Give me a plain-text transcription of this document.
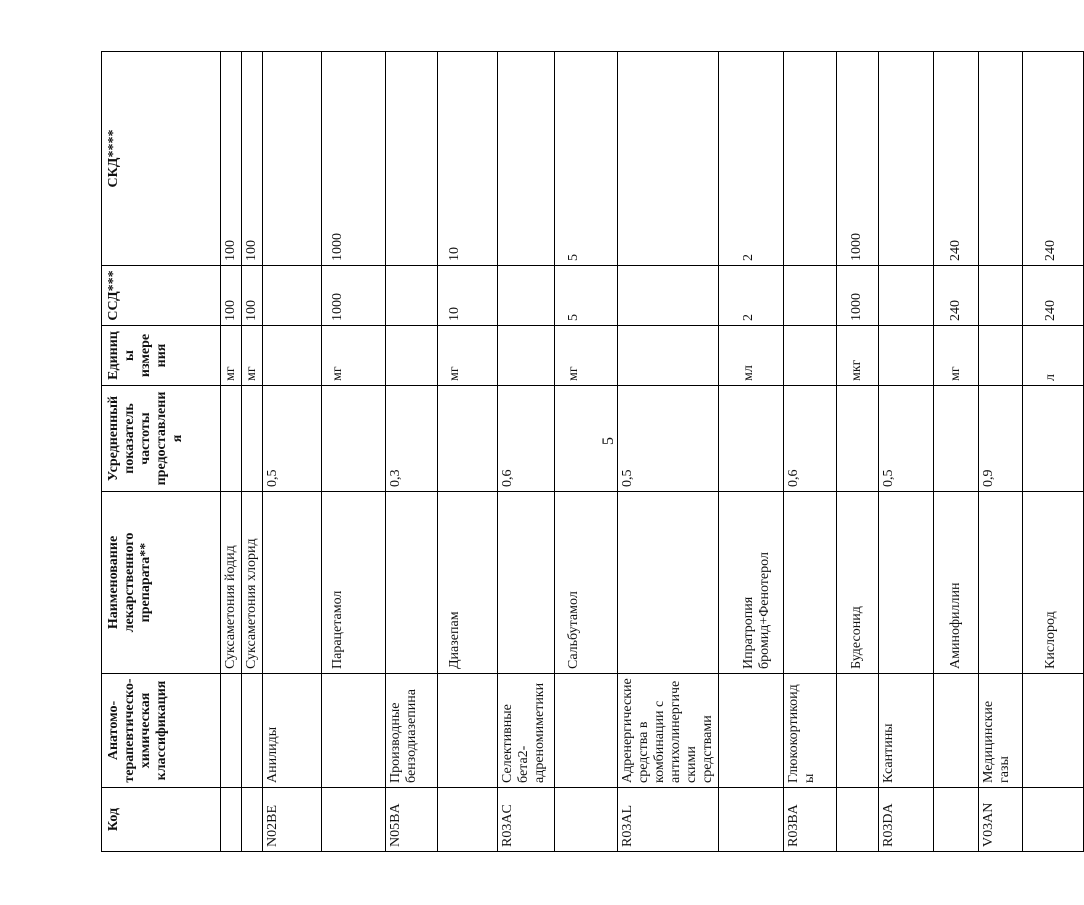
Код	Анатомо-терапевтическо-химическая классификация	Наименование лекарственного препарата**	Усредненный показатель частоты предоставления	Единицы измерения	ССД***	СКД****
		Суксаметония йодид		мг	100	100
		Суксаметония хлорид		мг	100	100
N02BE	Анилиды		0,5			
		Парацетамол		мг	1000	1000
N05BA	Производные бензодиазепина		0,3			
		Диазепам		мг	10	10
R03AC	Селективные бета2-адреномиметики		0,6			
		Сальбутамол		мг	5	5
R03AL	Адренергические средства в комбинации с антихолинергическими средствами		0,5			
		Ипратропия бромид+Фенотерол		мл	2	2
R03BA	Глюкокортикоиды		0,6			
		Будесонид		мкг	1000	1000
R03DA	Ксантины		0,5			
		Аминофиллин		мг	240	240
V03AN	Медицинские газы		0,9			
		Кислород		л	240	240
5
